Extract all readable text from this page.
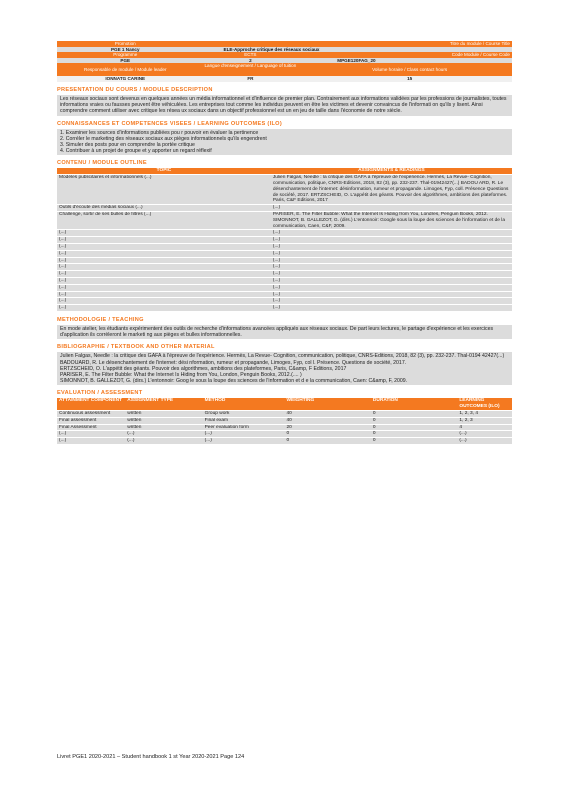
Promotion	Titre du module / Course Title	
PGE 1 Nancy	ELE-Approche critique des réseaux sociaux	
Programme	ECTS	Code Module / Course Code
PGE	2	MPGE120FAG_20
Responsable de module / Module leader	Langue d'enseignement / Language of tuition	Volume horaire / Class contact hours
IONNATG CARINE	FR	15
PRESENTATION DU COURS / MODULE DESCRIPTION

Les réseaux sociaux sont devenus en quelques années un média informationnel et d'influence de premier plan. Contrairement aux informations validées par les professions de journalistes, toutes informations vraies ou fausses peuvent être véhiculées. Les entreprises tout comme les individus peuvent en être les victimes et devenir convaincus de l'informati on qu'ils y lisent. Ainsi comprendre comment utiliser avec critique les résea ux sociaux dans un objectif professionnel est un en jeu de taille dans l'économie de notre siècle.

CONNAISSANCES ET COMPETENCES VISEES / LEARNING OUTCOMES (ILO)
1. Examiner les sources d'informations publiées pou r pouvoir en évaluer la pertinence
2. Corréler le marketing des réseaux sociaux aux pièges informationnels qu'ils engendrent
3. Simuler des posts pour en comprendre la portée critique
4. Contribuer à un projet de groupe et y apporter un regard réflexif
CONTENU / MODULE OUTLINE
TOPIC	ASSIGNMENTS & READINGS
Modèles publicitaires et informationnels (...)	Julien Falgas, Needle : la critique des GAFA à l'épreuve de l'expérience. Hermès, La Revue- Cognition, communication, politique, CNRS-Editions, 2018, 82 (3), pp. 232-237. Thal-01942427(...) BADOU ARD, R. Le désenchantement de l'internet: désinformation, rumeur et propagande. Limoges, Fyp, coll. Présence Questions de société, 2017. ERTZSCHEID, O. L'appétit des géants. Pouvoir des algorithmes, ambitions des plateformes. Paris, C&F Editions, 2017
Outils d'écoute des médias sociaux (...)	(...)
Challenge, sortir de ses bulles de filtres (...)	PARISER, E. The Filter Bubble: What the Internet Is Hiding from You, Londres, Penguin Books, 2012. SIMONNOT, B. GALLEZOT, G. (dirs.) L'entonnoir: Google sous la loupe des sciences de l'information et de la communication, Caen, C&F, 2009.
(...)	(...)
(...)	(...)
(...)	(...)
(...)	(...)
(...)	(...)
(...)	(...)
(...)	(...)
(...)	(...)
(...)	(...)
(...)	(...)
(...)	(...)
(...)	(...)
METHODOLOGIE / TEACHING

En mode atelier, les étudiants expérimentent des outils de recherche d'informations avancées appliqués aux réseaux sociaux. De part leurs lectures, le partage d'expérience et les exercices d'application ils corrèleront le marketi ng aux pièges et bulles informationnelles.

BIBLIOGRAPHIE / TEXTBOOK AND OTHER MATERIAL
Julien Falgas, Needle : la critique des GAFA à l'épreuve de l'expérience. Hermès, La Revue- Cognition, communication, politique, CNRS-Editions, 2018, 82 (3), pp. 232-237. Thal-0194 42427(...)
BADOUARD, R. Le désenchantement de l'internet: dési nformation, rumeur et propagande, Limoges, Fyp, col l. Présence. Questions de société, 2017.
ERTZSCHEID, O. L'appétit des géants. Pouvoir des algorithmes, ambitions des plateformes, Paris, C&amp, F Editions, 2017
PARISER, E. The Filter Bubble: What the Internet Is Hiding from You, London, Penguin Books, 2012.(.... )
SIMONNOT, B. GALLEZOT, G. (dirs.) L'entonnoir: Goog le sous la loupe des sciences de l'information et d e la communication, Caen: C&amp, F, 2009.
EVALUATION / ASSESSMENT
ATTAINMENT COMPONENT	ASSIGNMENT TYPE	METHOD	WEIGHTING	DURATION	LEARNING OUTCOMES (ILO)
Continuous assessment	written	Group work	40	0	1, 2, 3, 4
Final assessment	written	Final exam	40	0	1, 2, 3
Final Assessment	written	Peer evaluation form	20	0	4
(...)	(...)	(...)	0	0	(...)
(...)	(...)	(...)	0	0	(...)
Livret PGE1 2020-2021 – Student handbook 1 st Year 2020-2021 Page 124
